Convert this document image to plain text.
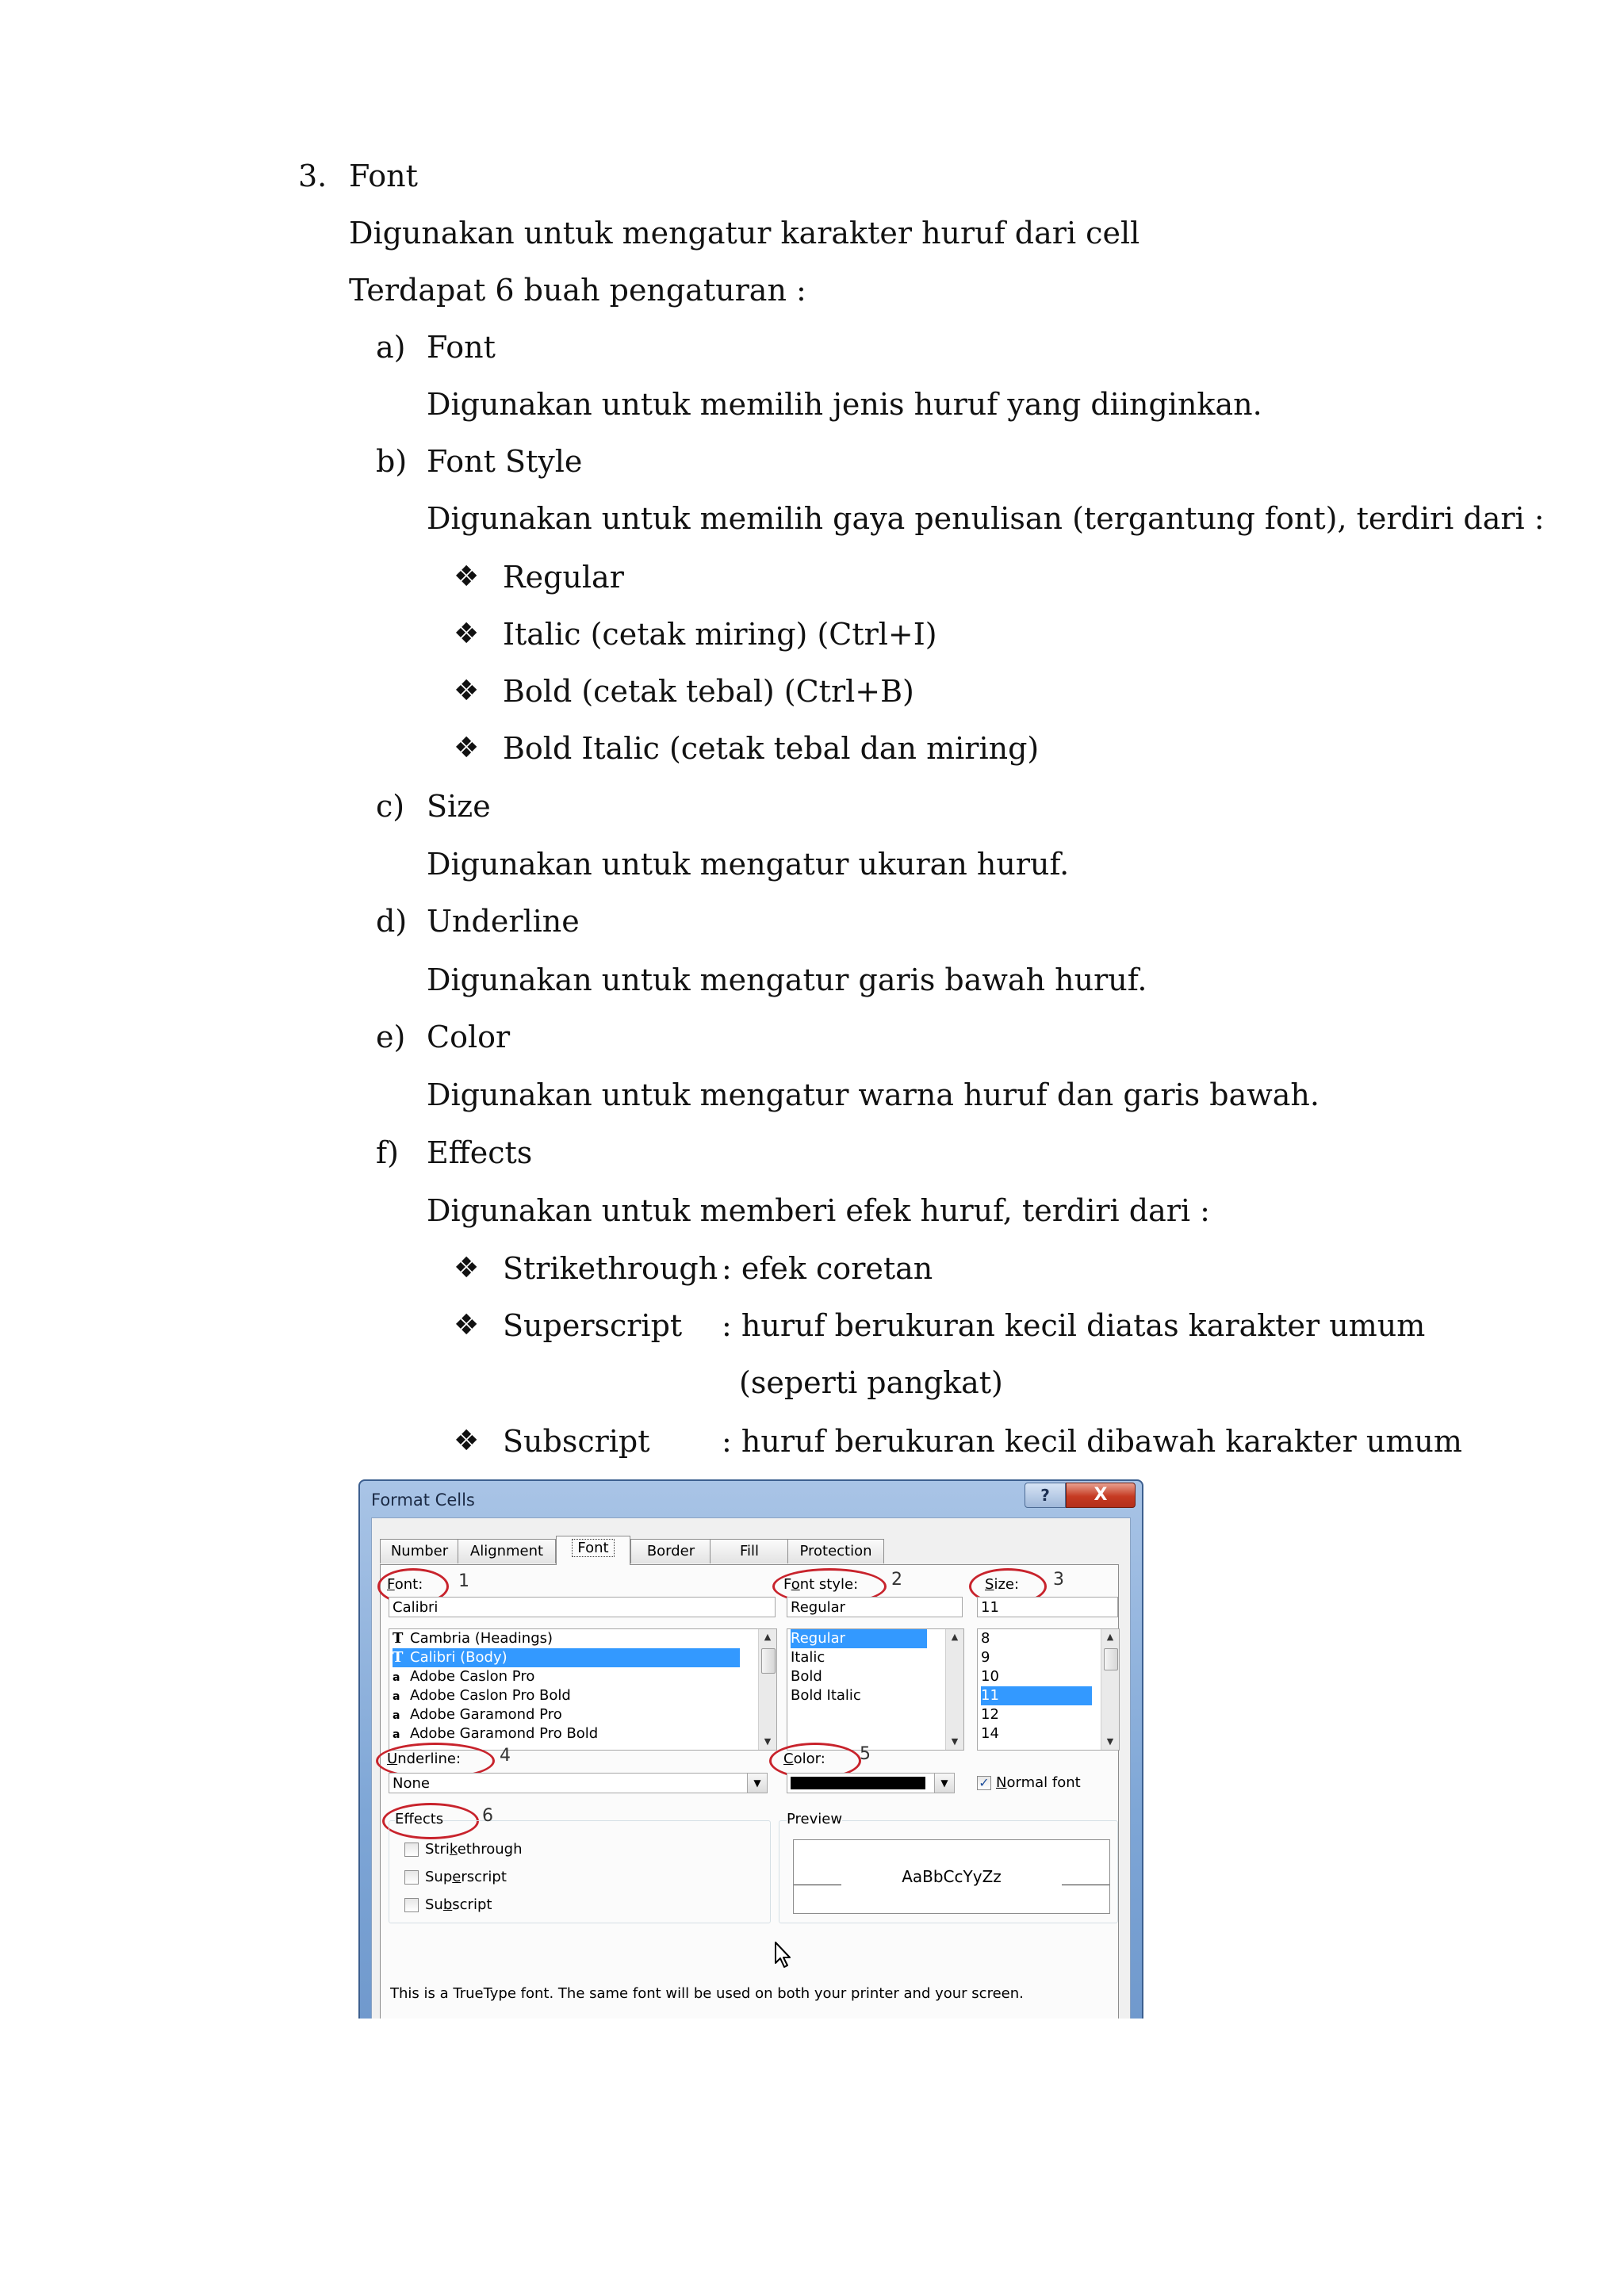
3. Font
Digunakan untuk mengatur karakter huruf dari cell
Terdapat 6 buah pengaturan :
a) Font
Digunakan untuk memilih jenis huruf yang diinginkan.
b) Font Style
Digunakan untuk memilih gaya penulisan (tergantung font), terdiri dari :
❖ Regular
❖ Italic (cetak miring) (Ctrl+I)
❖ Bold (cetak tebal) (Ctrl+B)
❖ Bold Italic (cetak tebal dan miring)
c) Size
Digunakan untuk mengatur ukuran huruf.
d) Underline
Digunakan untuk mengatur garis bawah huruf.
e) Color
Digunakan untuk mengatur warna huruf dan garis bawah.
f) Effects
Digunakan untuk memberi efek huruf, terdiri dari :
❖ Strikethrough : efek coretan
❖ Superscript : huruf berukuran kecil diatas karakter umum
(seperti pangkat)
❖ Subscript : huruf berukuran kecil dibawah karakter umum
Format Cells	?	X
Number	Alignment	Font	Border	Fill	Protection
Font: 1
Calibri
T Cambria (Headings)
T Calibri (Body)
a Adobe Caslon Pro
a Adobe Caslon Pro Bold
a Adobe Garamond Pro
a Adobe Garamond Pro Bold
▲
▼
Font style: 2
Regular
Regular
Italic
Bold
Bold Italic
▲
▼
Size: 3
11
8
9
10
11
12
14
▲
▼
Underline: 4
None	▼
Color: 5
▼	✓ Normal font
Effects 6
Strikethrough
Superscript
Subscript
Preview
AaBbCcYyZz
This is a TrueType font. The same font will be used on both your printer and your screen.
